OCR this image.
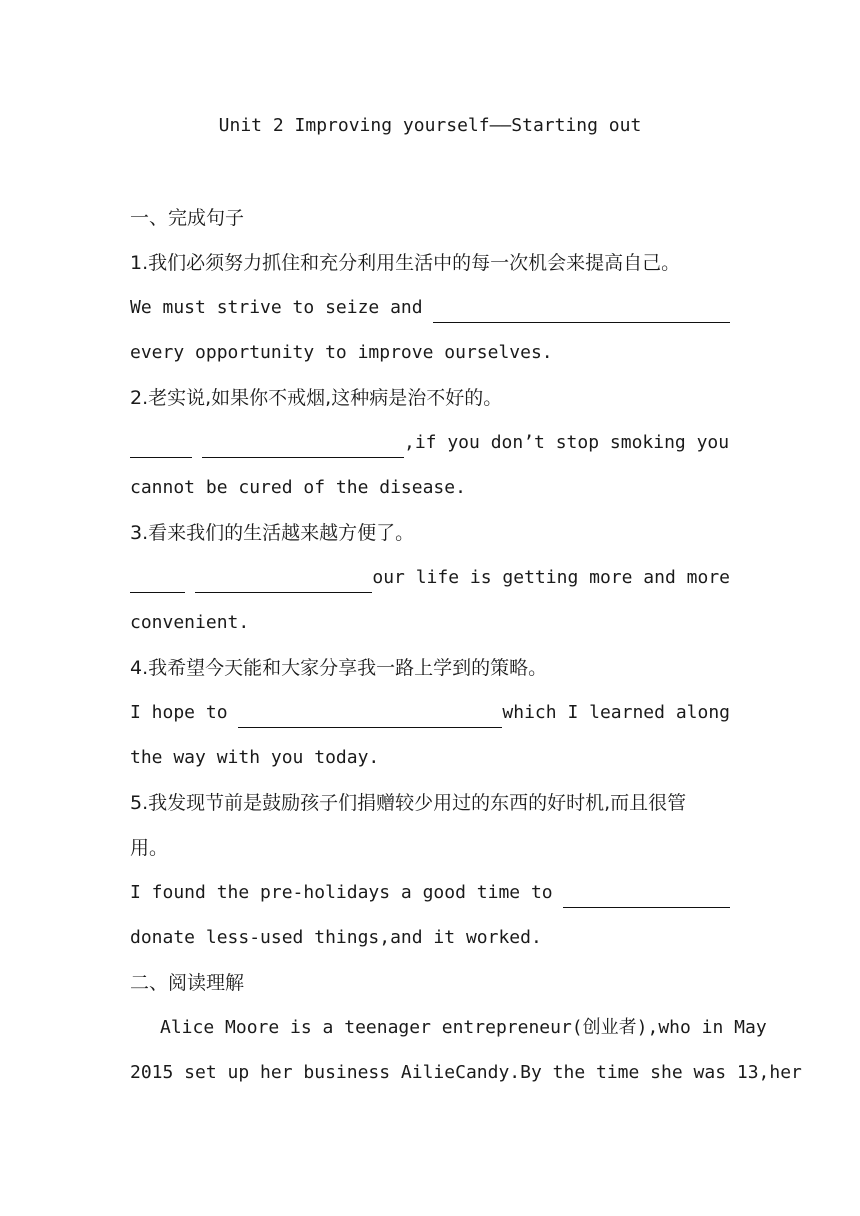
Unit 2 Improving yourself——Starting out
一、完成句子
1.我们必须努力抓住和充分利用生活中的每一次机会来提高自己。
We must strive to seize and
every opportunity to improve ourselves.
2.老实说,如果你不戒烟,这种病是治不好的。
,if you don’t stop smoking you
cannot be cured of the disease.
3.看来我们的生活越来越方便了。
our life is getting more and more
convenient.
4.我希望今天能和大家分享我一路上学到的策略。
I hope to	which I learned along
the way with you today.
5.我发现节前是鼓励孩子们捐赠较少用过的东西的好时机,而且很管
用。
I found the pre-holidays a good time to
donate less-used things,and it worked.
二、阅读理解
Alice Moore is a teenager entrepreneur(创业者),who in May
2015 set up her business AilieCandy.By the time she was 13,her
